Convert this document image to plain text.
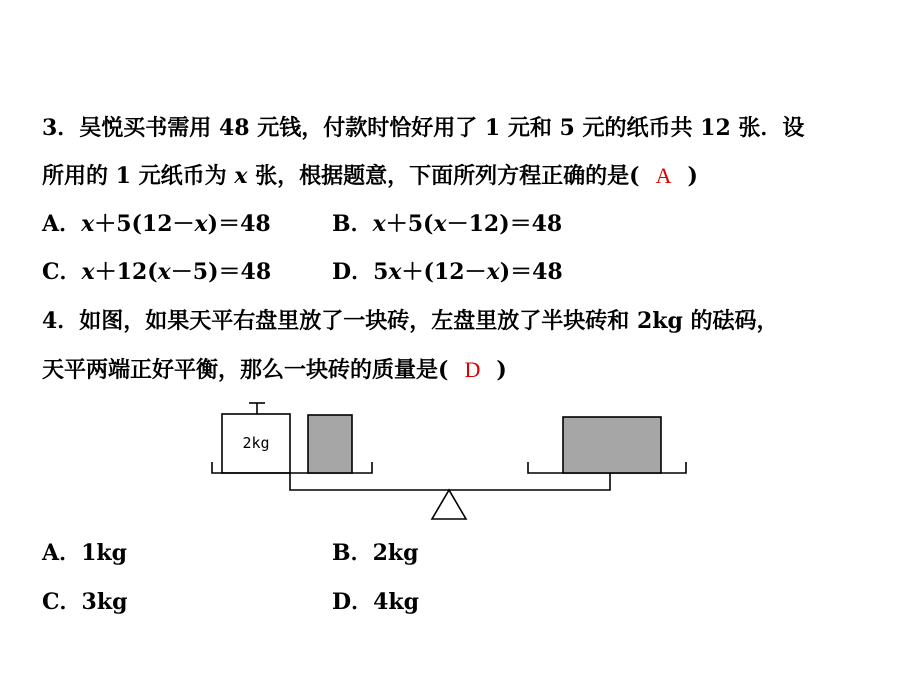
3．吴悦买书需用 48 元钱，付款时恰好用了 1 元和 5 元的纸币共 12 张．设
所用的 1 元纸币为 x 张，根据题意，下面所列方程正确的是( A )
A．x＋5(12－x)＝48	B．x＋5(x－12)＝48
C．x＋12(x－5)＝48	D．5x＋(12－x)＝48
4．如图，如果天平右盘里放了一块砖，左盘里放了半块砖和 2kg 的砝码，
天平两端正好平衡，那么一块砖的质量是( D )
2kg
A．1kg	B．2kg
C．3kg	D．4kg
